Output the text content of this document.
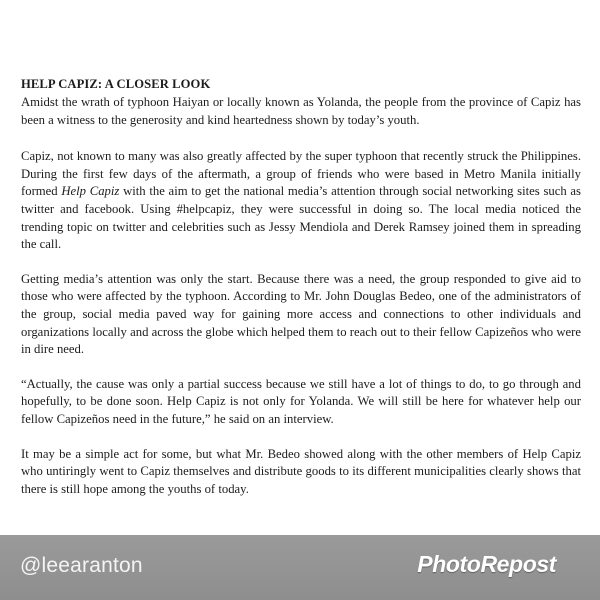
HELP CAPIZ: A CLOSER LOOK

Amidst the wrath of typhoon Haiyan or locally known as Yolanda, the people from the province of Capiz has been a witness to the generosity and kind heartedness shown by today’s youth.

Capiz, not known to many was also greatly affected by the super typhoon that recently struck the Philippines. During the first few days of the aftermath, a group of friends who were based in Metro Manila initially formed Help Capiz with the aim to get the national media’s attention through social networking sites such as twitter and facebook. Using #helpcapiz, they were successful in doing so. The local media noticed the trending topic on twitter and celebrities such as Jessy Mendiola and Derek Ramsey joined them in spreading the call.

Getting media’s attention was only the start. Because there was a need, the group responded to give aid to those who were affected by the typhoon. According to Mr. John Douglas Bedeo, one of the administrators of the group, social media paved way for gaining more access and connections to other individuals and organizations locally and across the globe which helped them to reach out to their fellow Capizeños who were in dire need.

“Actually, the cause was only a partial success because we still have a lot of things to do, to go through and hopefully, to be done soon. Help Capiz is not only for Yolanda. We will still be here for whatever help our fellow Capizeños need in the future,” he said on an interview.

It may be a simple act for some, but what Mr. Bedeo showed along with the other members of Help Capiz who untiringly went to Capiz themselves and distribute goods to its different municipalities clearly shows that there is still hope among the youths of today.

@leearanton	PhotoRepost
